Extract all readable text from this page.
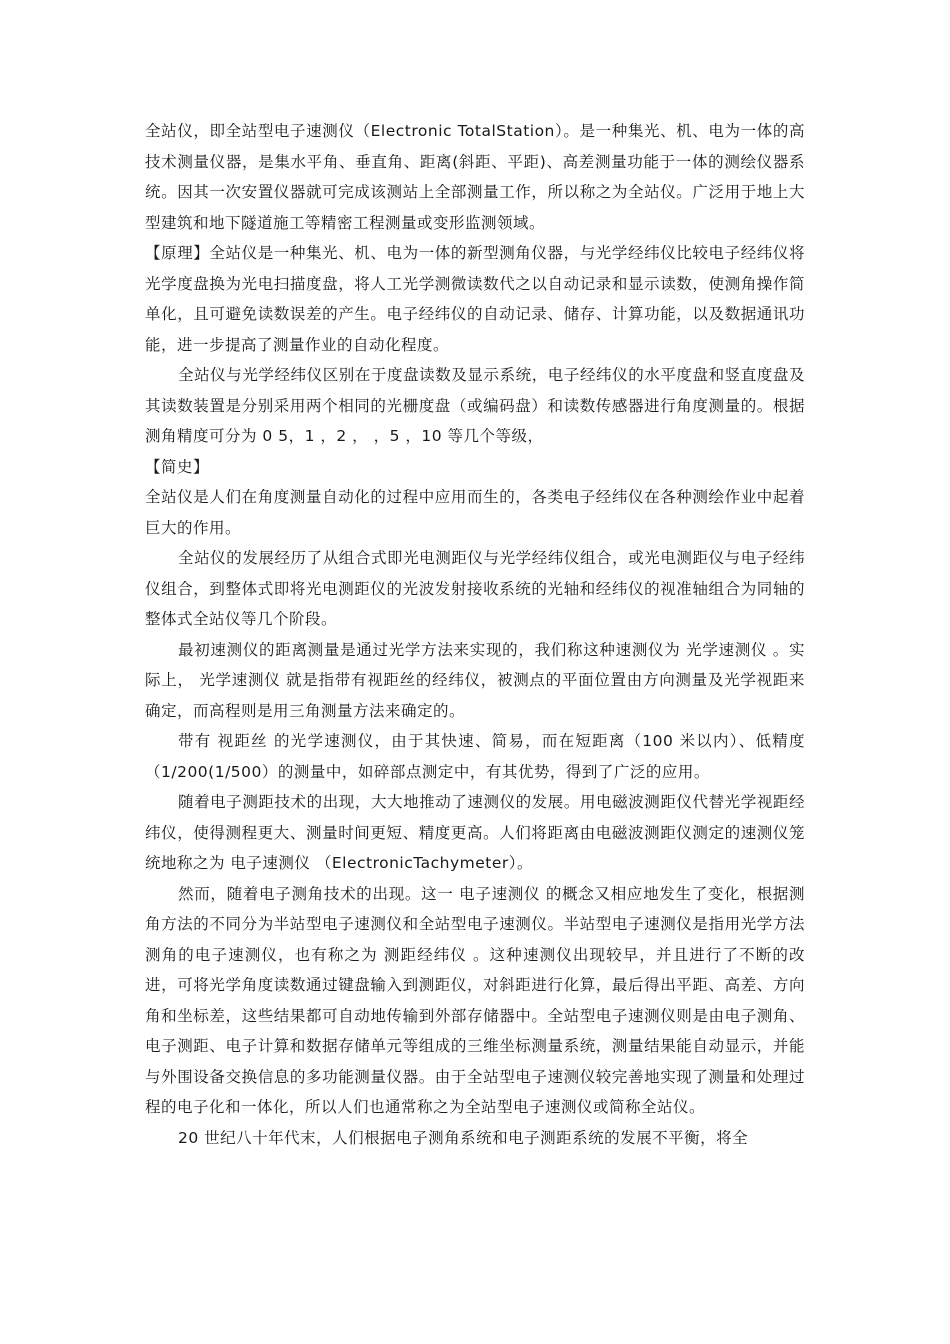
全站仪，即全站型电子速测仪（Electronic TotalStation）。是一种集光、机、电为一体的高技术测量仪器，是集水平角、垂直角、距离(斜距、平距)、高差测量功能于一体的测绘仪器系统。因其一次安置仪器就可完成该测站上全部测量工作，所以称之为全站仪。广泛用于地上大型建筑和地下隧道施工等精密工程测量或变形监测领域。

【原理】全站仪是一种集光、机、电为一体的新型测角仪器，与光学经纬仪比较电子经纬仪将光学度盘换为光电扫描度盘，将人工光学测微读数代之以自动记录和显示读数，使测角操作简单化，且可避免读数误差的产生。电子经纬仪的自动记录、储存、计算功能，以及数据通讯功能，进一步提高了测量作业的自动化程度。

全站仪与光学经纬仪区别在于度盘读数及显示系统，电子经纬仪的水平度盘和竖直度盘及其读数装置是分别采用两个相同的光栅度盘（或编码盘）和读数传感器进行角度测量的。根据测角精度可分为 0 5，1 ，2 ， ，5 ，10 等几个等级，

【简史】

全站仪是人们在角度测量自动化的过程中应用而生的，各类电子经纬仪在各种测绘作业中起着巨大的作用。

全站仪的发展经历了从组合式即光电测距仪与光学经纬仪组合，或光电测距仪与电子经纬仪组合，到整体式即将光电测距仪的光波发射接收系统的光轴和经纬仪的视准轴组合为同轴的整体式全站仪等几个阶段。

最初速测仪的距离测量是通过光学方法来实现的，我们称这种速测仪为 光学速测仪 。实际上， 光学速测仪 就是指带有视距丝的经纬仪，被测点的平面位置由方向测量及光学视距来确定，而高程则是用三角测量方法来确定的。

带有 视距丝 的光学速测仪，由于其快速、简易，而在短距离（100 米以内）、低精度（1/200(1/500）的测量中，如碎部点测定中，有其优势，得到了广泛的应用。

随着电子测距技术的出现，大大地推动了速测仪的发展。用电磁波测距仪代替光学视距经纬仪，使得测程更大、测量时间更短、精度更高。人们将距离由电磁波测距仪测定的速测仪笼统地称之为 电子速测仪 （ElectronicTachymeter）。

然而，随着电子测角技术的出现。这一 电子速测仪 的概念又相应地发生了变化，根据测角方法的不同分为半站型电子速测仪和全站型电子速测仪。半站型电子速测仪是指用光学方法测角的电子速测仪，也有称之为 测距经纬仪 。这种速测仪出现较早，并且进行了不断的改进，可将光学角度读数通过键盘输入到测距仪，对斜距进行化算，最后得出平距、高差、方向角和坐标差，这些结果都可自动地传输到外部存储器中。全站型电子速测仪则是由电子测角、电子测距、电子计算和数据存储单元等组成的三维坐标测量系统，测量结果能自动显示，并能与外围设备交换信息的多功能测量仪器。由于全站型电子速测仪较完善地实现了测量和处理过程的电子化和一体化，所以人们也通常称之为全站型电子速测仪或简称全站仪。

20 世纪八十年代末，人们根据电子测角系统和电子测距系统的发展不平衡，将全
